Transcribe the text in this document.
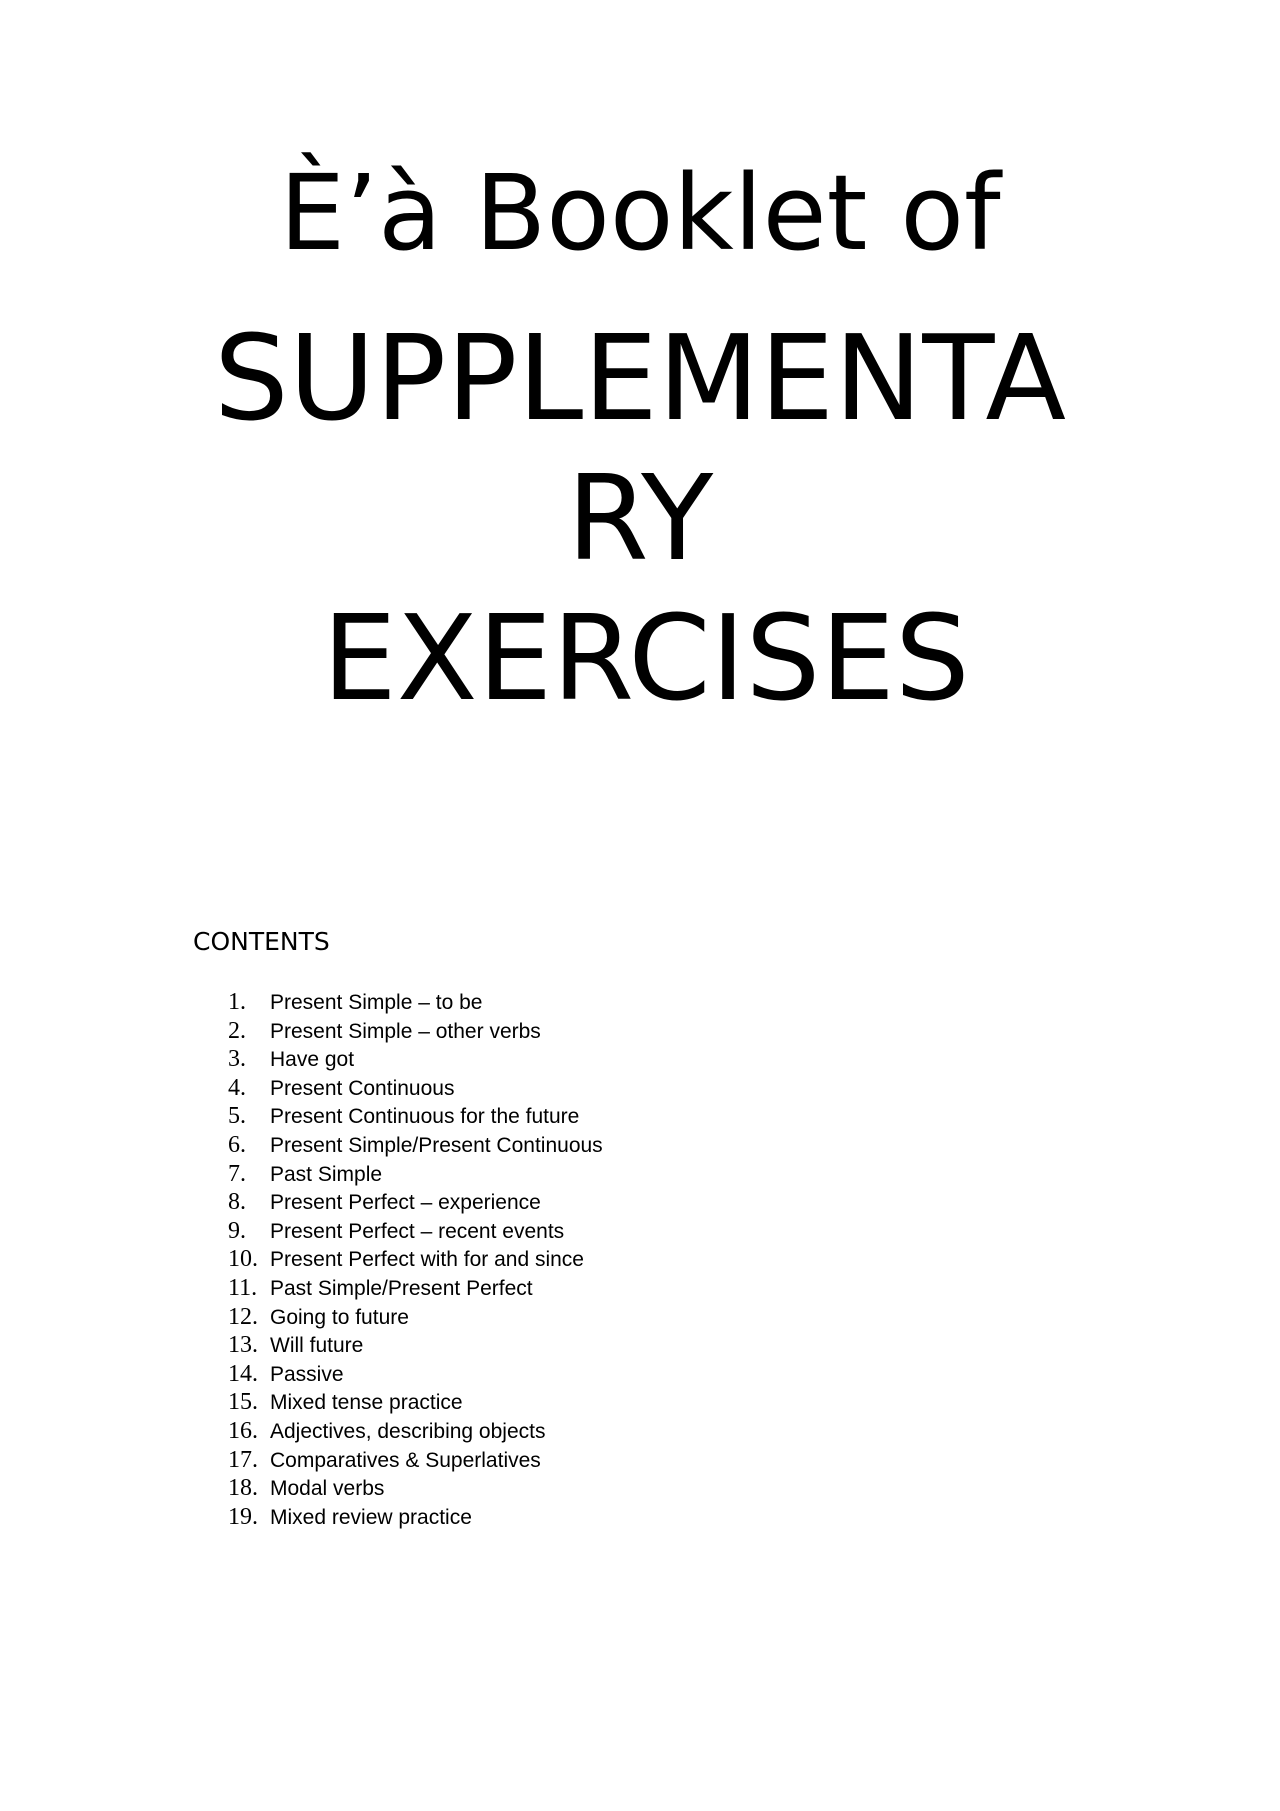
Èʼà Booklet of
SUPPLEMENTA
RY
EXERCISES
CONTENTS
1. Present Simple – to be
2. Present Simple – other verbs
3. Have got
4. Present Continuous
5. Present Continuous for the future
6. Present Simple/Present Continuous
7. Past Simple
8. Present Perfect – experience
9. Present Perfect – recent events
10. Present Perfect with for and since
11. Past Simple/Present Perfect
12. Going to future
13. Will future
14. Passive
15. Mixed tense practice
16. Adjectives, describing objects
17. Comparatives & Superlatives
18. Modal verbs
19. Mixed review practice
